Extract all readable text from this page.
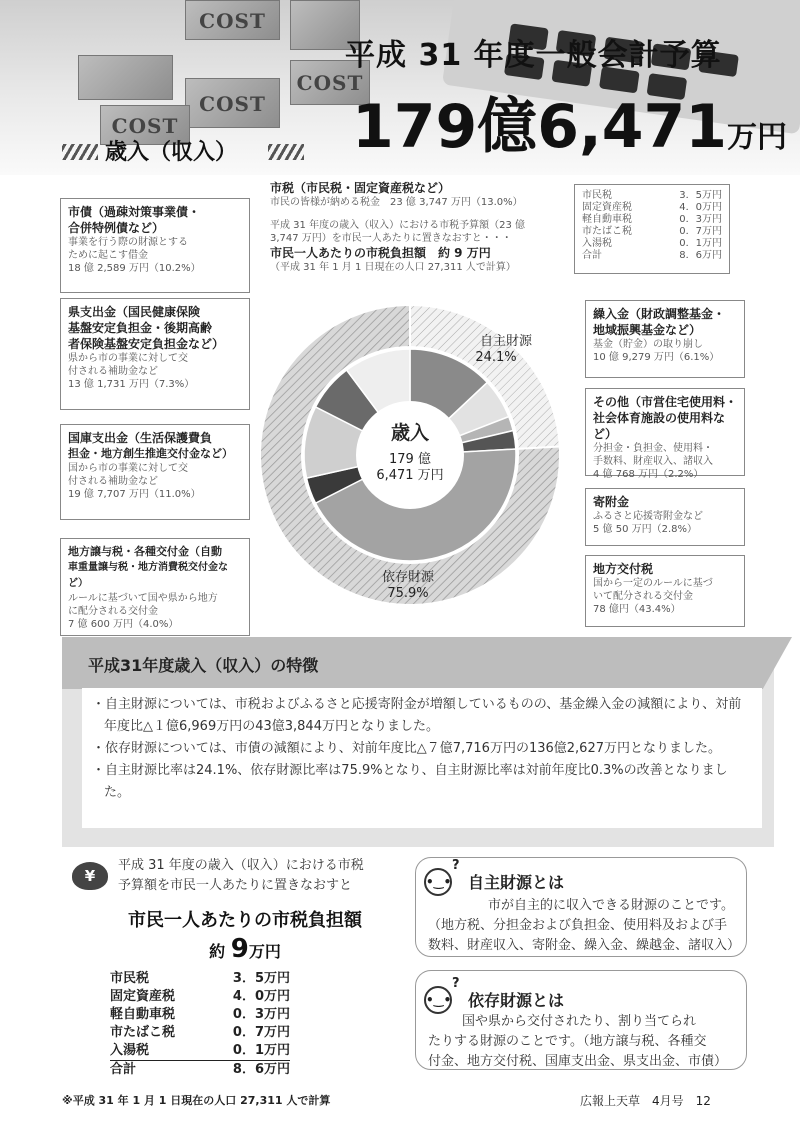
COST
COST
COST
COST
平成 31 年度一般会計予算
179億6,471万円
歳入（収入）
市税（市民税・固定資産税など）
市民の皆様が納める税金　23 億 3,747 万円（13.0%）
平成 31 年度の歳入（収入）における市税予算額（23 億
3,747 万円）を市民一人あたりに置きなおすと・・・
市民一人あたりの市税負担額　約 9 万円
（平成 31 年 1 月 1 日現在の人口 27,311 人で計算）
市民税	3．5万円
固定資産税	4．0万円
軽自動車税	0．3万円
市たばこ税	0．7万円
入湯税	0．1万円
合計	8．6万円
市債（過疎対策事業債・
合併特例債など）
事業を行う際の財源とする
ために起こす借金
18 億 2,589 万円（10.2%）
県支出金（国民健康保険
基盤安定負担金・後期高齢
者保険基盤安定負担金など）
県から市の事業に対して交
付される補助金など
13 億 1,731 万円（7.3%）
国庫支出金（生活保護費負
担金・地方創生推進交付金など）
国から市の事業に対して交
付される補助金など
19 億 7,707 万円（11.0%）
地方譲与税・各種交付金（自動
車重量譲与税・地方消費税交付金など）
ルールに基づいて国や県から地方
に配分される交付金
7 億 600 万円（4.0%）
繰入金（財政調整基金・
地域振興基金など）
基金（貯金）の取り崩し
10 億 9,279 万円（6.1%）
その他（市営住宅使用料・
社会体育施設の使用料など）
分担金・負担金、使用料・
手数料、財産収入、諸収入
4 億 768 万円（2.2%）
寄附金
ふるさと応援寄附金など
5 億 50 万円（2.8%）
地方交付税
国から一定のルールに基づ
いて配分される交付金
78 億円（43.4%）
歳入
179 億
6,471 万円
自主財源
24.1%
依存財源
75.9%
平成31年度歳入（収入）の特徴

・自主財源については、市税およびふるさと応援寄附金が増額しているものの、基金繰入金の減額により、対前年度比△１億6,969万円の43億3,844万円となりました。

・依存財源については、市債の減額により、対前年度比△７億7,716万円の136億2,627万円となりました。

・自主財源比率は24.1%、依存財源比率は75.9%となり、自主財源比率は対前年度比0.3%の改善となりました。

¥
平成 31 年度の歳入（収入）における市税
予算額を市民一人あたりに置きなおすと
市民一人あたりの市税負担額
約 9万円
市民税	3．5万円
固定資産税	4．0万円
軽自動車税	0．3万円
市たばこ税	0．7万円
入湯税	0．1万円
合計	8．6万円
※平成 31 年 1 月 1 日現在の人口 27,311 人で計算
•‿•
?
自主財源とは
市が自主的に収入できる財源のことです。
（地方税、分担金および負担金、使用料及および手
数料、財産収入、寄附金、繰入金、繰越金、諸収入）
•‿•
?
依存財源とは
国や県から交付されたり、割り当てられ
たりする財源のことです。（地方譲与税、各種交
付金、地方交付税、国庫支出金、県支出金、市債）
広報上天草　4月号　12
